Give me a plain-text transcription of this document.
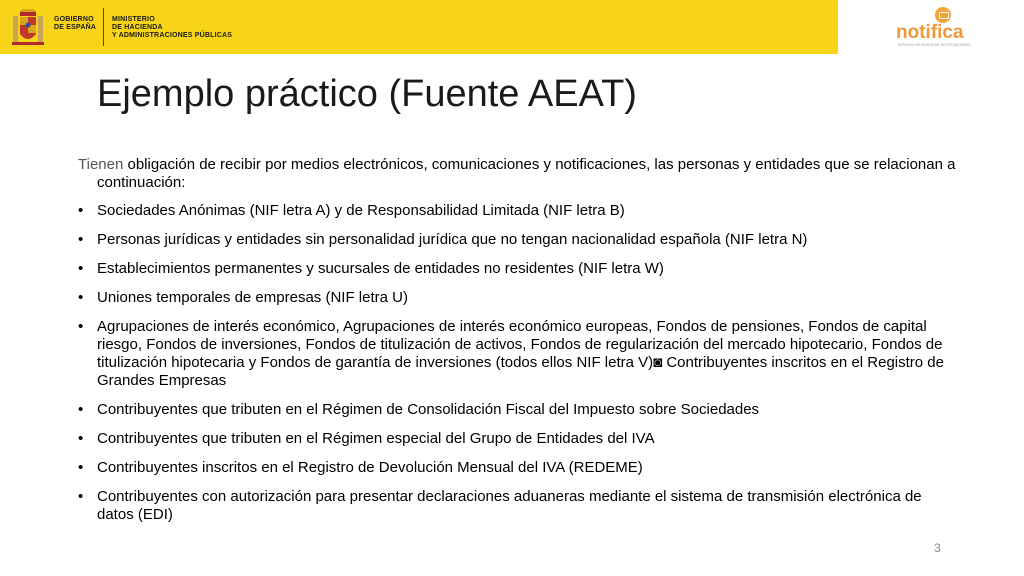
GOBIERNO
DE ESPAÑA
MINISTERIO
DE HACIENDA
Y ADMINISTRACIONES PÚBLICAS	notifica
SERVICIO DE AVISOS DE NOTIFICACIONES
Ejemplo práctico (Fuente AEAT)

Tienen obligación de recibir por medios electrónicos, comunicaciones y notificaciones, las personas y entidades que se relacionan a continuación:

• Sociedades Anónimas (NIF letra A) y de Responsabilidad Limitada (NIF letra B)
• Personas jurídicas y entidades sin personalidad jurídica que no tengan nacionalidad española (NIF letra N)
• Establecimientos permanentes y sucursales de entidades no residentes (NIF letra W)
• Uniones temporales de empresas (NIF letra U)
• Agrupaciones de interés económico, Agrupaciones de interés económico europeas, Fondos de pensiones, Fondos de capital riesgo, Fondos de inversiones, Fondos de titulización de activos, Fondos de regularización del mercado hipotecario, Fondos de titulización hipotecaria y Fondos de garantía de inversiones (todos ellos NIF letra V)◙ Contribuyentes inscritos en el Registro de Grandes Empresas
• Contribuyentes que tributen en el Régimen de Consolidación Fiscal del Impuesto sobre Sociedades
• Contribuyentes que tributen en el Régimen especial del Grupo de Entidades del IVA
• Contribuyentes inscritos en el Registro de Devolución Mensual del IVA (REDEME)
• Contribuyentes con autorización para presentar declaraciones aduaneras mediante el sistema de transmisión electrónica de datos (EDI)
3
